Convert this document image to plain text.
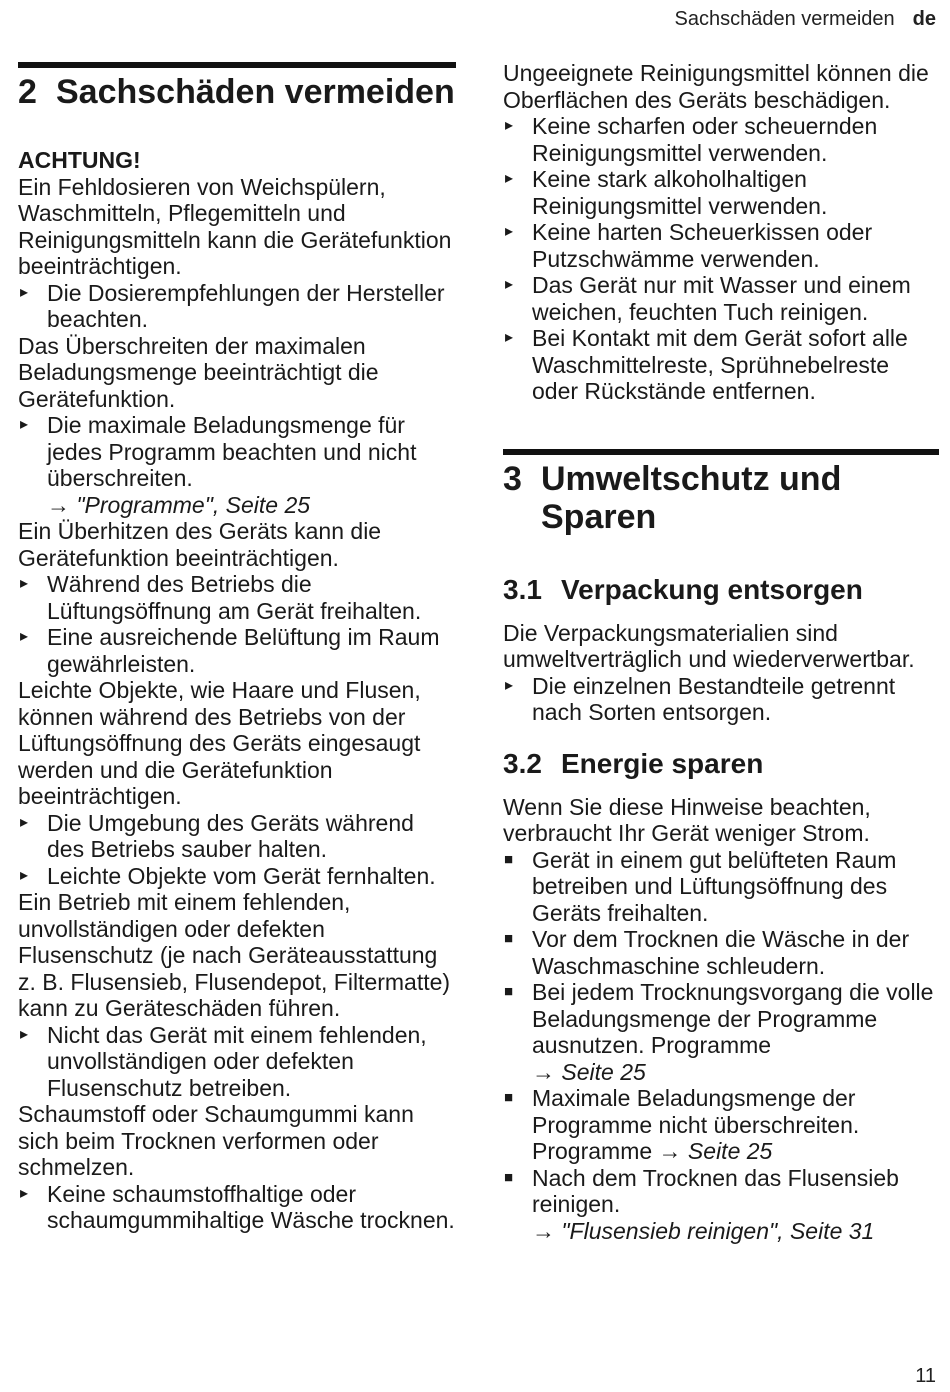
Sachschäden vermeiden de
2 Sachschäden vermeiden
ACHTUNG!

Ein Fehldosieren von Weichspülern, Waschmitteln, Pflegemitteln und Reinigungsmitteln kann die Gerätefunktion beeinträchtigen.

▸ Die Dosierempfehlungen der Hersteller beachten.

Das Überschreiten der maximalen Beladungsmenge beeinträchtigt die Gerätefunktion.

▸ Die maximale Beladungsmenge für jedes Programm beachten und nicht überschreiten.
→ "Programme", Seite 25

Ein Überhitzen des Geräts kann die Gerätefunktion beeinträchtigen.

▸ Während des Betriebs die Lüftungsöffnung am Gerät freihalten.
▸ Eine ausreichende Belüftung im Raum gewährleisten.

Leichte Objekte, wie Haare und Flusen, können während des Betriebs von der Lüftungsöffnung des Geräts eingesaugt werden und die Gerätefunktion beeinträchtigen.

▸ Die Umgebung des Geräts während des Betriebs sauber halten.
▸ Leichte Objekte vom Gerät fernhalten.

Ein Betrieb mit einem fehlenden, unvollständigen oder defekten Flusenschutz (je nach Geräteausstattung z. B. Flusensieb, Flusendepot, Filtermatte) kann zu Geräteschäden führen.

▸ Nicht das Gerät mit einem fehlenden, unvollständigen oder defekten Flusenschutz betreiben.

Schaumstoff oder Schaumgummi kann sich beim Trocknen verformen oder schmelzen.

▸ Keine schaumstoffhaltige oder schaumgummihaltige Wäsche trocknen.

Ungeeignete Reinigungsmittel können die Oberflächen des Geräts beschädigen.

▸ Keine scharfen oder scheuernden Reinigungsmittel verwenden.
▸ Keine stark alkoholhaltigen Reinigungsmittel verwenden.
▸ Keine harten Scheuerkissen oder Putzschwämme verwenden.
▸ Das Gerät nur mit Wasser und einem weichen, feuchten Tuch reinigen.
▸ Bei Kontakt mit dem Gerät sofort alle Waschmittelreste, Sprühnebelreste oder Rückstände entfernen.
3 Umweltschutz und Sparen
3.1 Verpackung entsorgen

Die Verpackungsmaterialien sind umweltverträglich und wiederverwertbar.

▸ Die einzelnen Bestandteile getrennt nach Sorten entsorgen.
3.2 Energie sparen

Wenn Sie diese Hinweise beachten, verbraucht Ihr Gerät weniger Strom.

■ Gerät in einem gut belüfteten Raum betreiben und Lüftungsöffnung des Geräts freihalten.
■ Vor dem Trocknen die Wäsche in der Waschmaschine schleudern.
■ Bei jedem Trocknungsvorgang die volle Beladungsmenge der Programme ausnutzen. Programme
→ Seite 25
■ Maximale Beladungsmenge der Programme nicht überschreiten. Programme → Seite 25
■ Nach dem Trocknen das Flusensieb reinigen.
→ "Flusensieb reinigen", Seite 31
11
